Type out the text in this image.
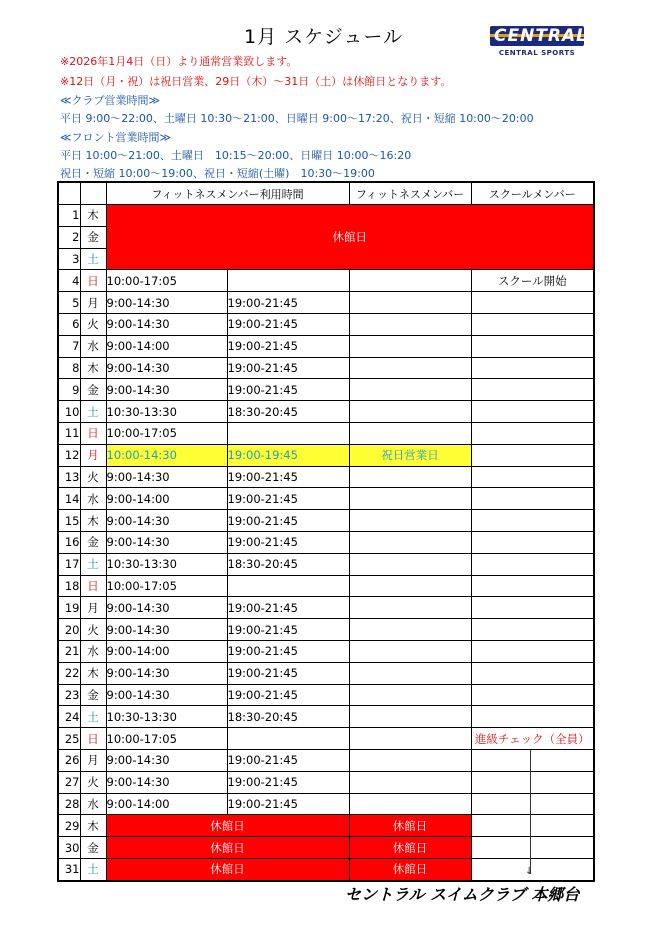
1月 スケジュール	CENTRAL
CENTRAL SPORTS
※2026年1月4日（日）より通常営業致します。
※12日（月・祝）は祝日営業、29日（木）～31日（土）は休館日となります。
≪クラブ営業時間≫
平日 9:00～22:00、土曜日 10:30～21:00、日曜日 9:00～17:20、祝日・短縮 10:00～20:00
≪フロント営業時間≫
平日 10:00～21:00、土曜日　10:15～20:00、日曜日 10:00～16:20
祝日・短縮 10:00～19:00、祝日・短縮(土曜)　10:30～19:00
		フィットネスメンバー利用時間		フィットネスメンバー	スクールメンバー
1	木	休館日			
2	金				
3	土				
4	日	10:00-17:05			スクール開始
5	月	9:00-14:30	19:00-21:45		
6	火	9:00-14:30	19:00-21:45		
7	水	9:00-14:00	19:00-21:45		
8	木	9:00-14:30	19:00-21:45		
9	金	9:00-14:30	19:00-21:45		
10	土	10:30-13:30	18:30-20:45		
11	日	10:00-17:05			
12	月	10:00-14:30	19:00-19:45	祝日営業日	
13	火	9:00-14:30	19:00-21:45		
14	水	9:00-14:00	19:00-21:45		
15	木	9:00-14:30	19:00-21:45		
16	金	9:00-14:30	19:00-21:45		
17	土	10:30-13:30	18:30-20:45		
18	日	10:00-17:05			
19	月	9:00-14:30	19:00-21:45		
20	火	9:00-14:30	19:00-21:45		
21	水	9:00-14:00	19:00-21:45		
22	木	9:00-14:30	19:00-21:45		
23	金	9:00-14:30	19:00-21:45		
24	土	10:30-13:30	18:30-20:45		
25	日	10:00-17:05			進級チェック（全員）
26	月	9:00-14:30	19:00-21:45		
27	火	9:00-14:30	19:00-21:45		
28	水	9:00-14:00	19:00-21:45		
29	木	休館日		休館日	
30	金	休館日		休館日	
31	土	休館日		休館日		↓
セントラル スイムクラブ 本郷台
